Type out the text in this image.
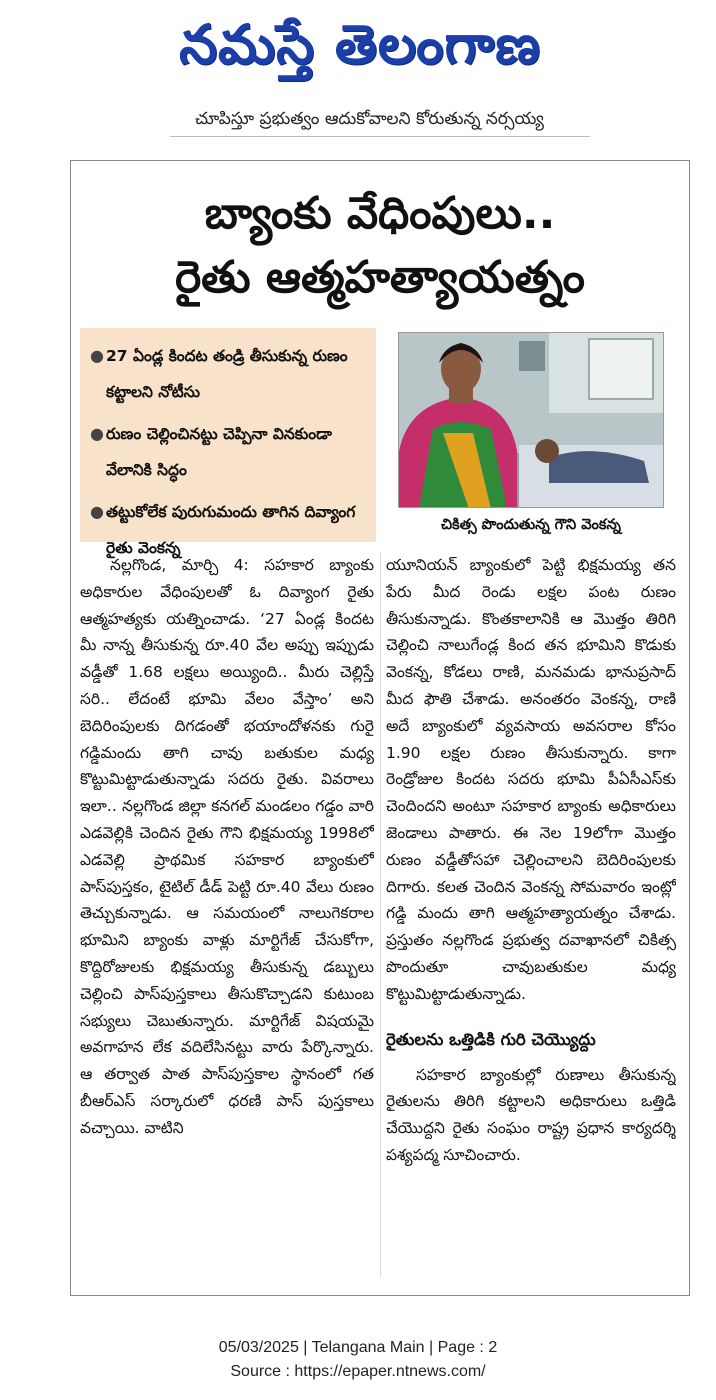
నమస్తే తెలంగాణ
చూపిస్తూ ప్రభుత్వం ఆదుకోవాలని కోరుతున్న నర్సయ్య
బ్యాంకు వేధింపులు..
రైతు ఆత్మహత్యాయత్నం
● 27 ఏండ్ల కిందట తండ్రి తీసుకున్న రుణం కట్టాలని నోటీసు
● రుణం చెల్లించినట్టు చెప్పినా వినకుండా వేలానికి సిద్ధం
● తట్టుకోలేక పురుగుమందు తాగిన దివ్యాంగ రైతు వెంకన్న
చికిత్స పొందుతున్న గౌని వెంకన్న

నల్లగొండ, మార్చి 4: సహకార బ్యాంకు అధికారుల వేధింపులతో ఓ దివ్యాంగ రైతు ఆత్మహత్యకు యత్నించాడు. ‘27 ఏండ్ల కిందట మీ నాన్న తీసుకున్న రూ.40 వేల అప్పు ఇప్పుడు వడ్డీతో 1.68 లక్షలు అయ్యింది.. మీరు చెల్లిస్తే సరి.. లేదంటే భూమి వేలం వేస్తాం’ అని బెదిరింపులకు దిగడంతో భయాందోళనకు గురై గడ్డిమందు తాగి చావు బతుకుల మధ్య కొట్టుమిట్టాడుతున్నాడు సదరు రైతు. వివరాలు ఇలా.. నల్లగొండ జిల్లా కనగల్ మండలం గడ్డం వారి ఎడవెల్లికి చెందిన రైతు గౌని భిక్షమయ్య 1998లో ఎడవెల్లి ప్రాథమిక సహకార బ్యాంకులో పాస్‌పుస్తకం, టైటిల్ డీడ్ పెట్టి రూ.40 వేలు రుణం తెచ్చుకున్నాడు. ఆ సమయంలో నాలుగెకరాల భూమిని బ్యాంకు వాళ్లు మార్టిగేజ్ చేసుకోగా, కొద్దిరోజులకు భిక్షమయ్య తీసుకున్న డబ్బులు చెల్లించి పాస్‌పుస్తకాలు తీసుకొచ్చాడని కుటుంబ సభ్యులు చెబుతున్నారు. మార్టిగేజ్ విషయమై అవగాహన లేక వదిలేసినట్టు వారు పేర్కొన్నారు. ఆ తర్వాత పాత పాస్‌పుస్తకాల స్థానంలో గత బీఆర్‌ఎస్ సర్కారులో ధరణి పాస్ పుస్తకాలు వచ్చాయి. వాటిని

యూనియన్ బ్యాంకులో పెట్టి భిక్షమయ్య తన పేరు మీద రెండు లక్షల పంట రుణం తీసుకున్నాడు. కొంతకాలానికి ఆ మొత్తం తిరిగి చెల్లించి నాలుగేండ్ల కింద తన భూమిని కొడుకు వెంకన్న, కోడలు రాణి, మనమడు భానుప్రసాద్ మీద ఫౌతి చేశాడు. అనంతరం వెంకన్న, రాణి అదే బ్యాంకులో వ్యవసాయ అవసరాల కోసం 1.90 లక్షల రుణం తీసుకున్నారు. కాగా రెండ్రోజుల కిందట సదరు భూమి పీఏసీఎస్‌కు చెందిందని అంటూ సహకార బ్యాంకు అధికారులు జెండాలు పాతారు. ఈ నెల 19లోగా మొత్తం రుణం వడ్డీతోసహా చెల్లించాలని బెదిరింపులకు దిగారు. కలత చెందిన వెంకన్న సోమవారం ఇంట్లో గడ్డి మందు తాగి ఆత్మహత్యాయత్నం చేశాడు. ప్రస్తుతం నల్లగొండ ప్రభుత్వ దవాఖానలో చికిత్స పొందుతూ చావుబతుకుల మధ్య కొట్టుమిట్టాడుతున్నాడు.

రైతులను ఒత్తిడికి గురి చెయ్యొద్దు

సహకార బ్యాంకుల్లో రుణాలు తీసుకున్న రైతులను తిరిగి కట్టాలని అధికారులు ఒత్తిడి చేయొద్దని రైతు సంఘం రాష్ట్ర ప్రధాన కార్యదర్శి పశ్యపద్మ సూచించారు.

05/03/2025 | Telangana Main | Page : 2
Source : https://epaper.ntnews.com/
